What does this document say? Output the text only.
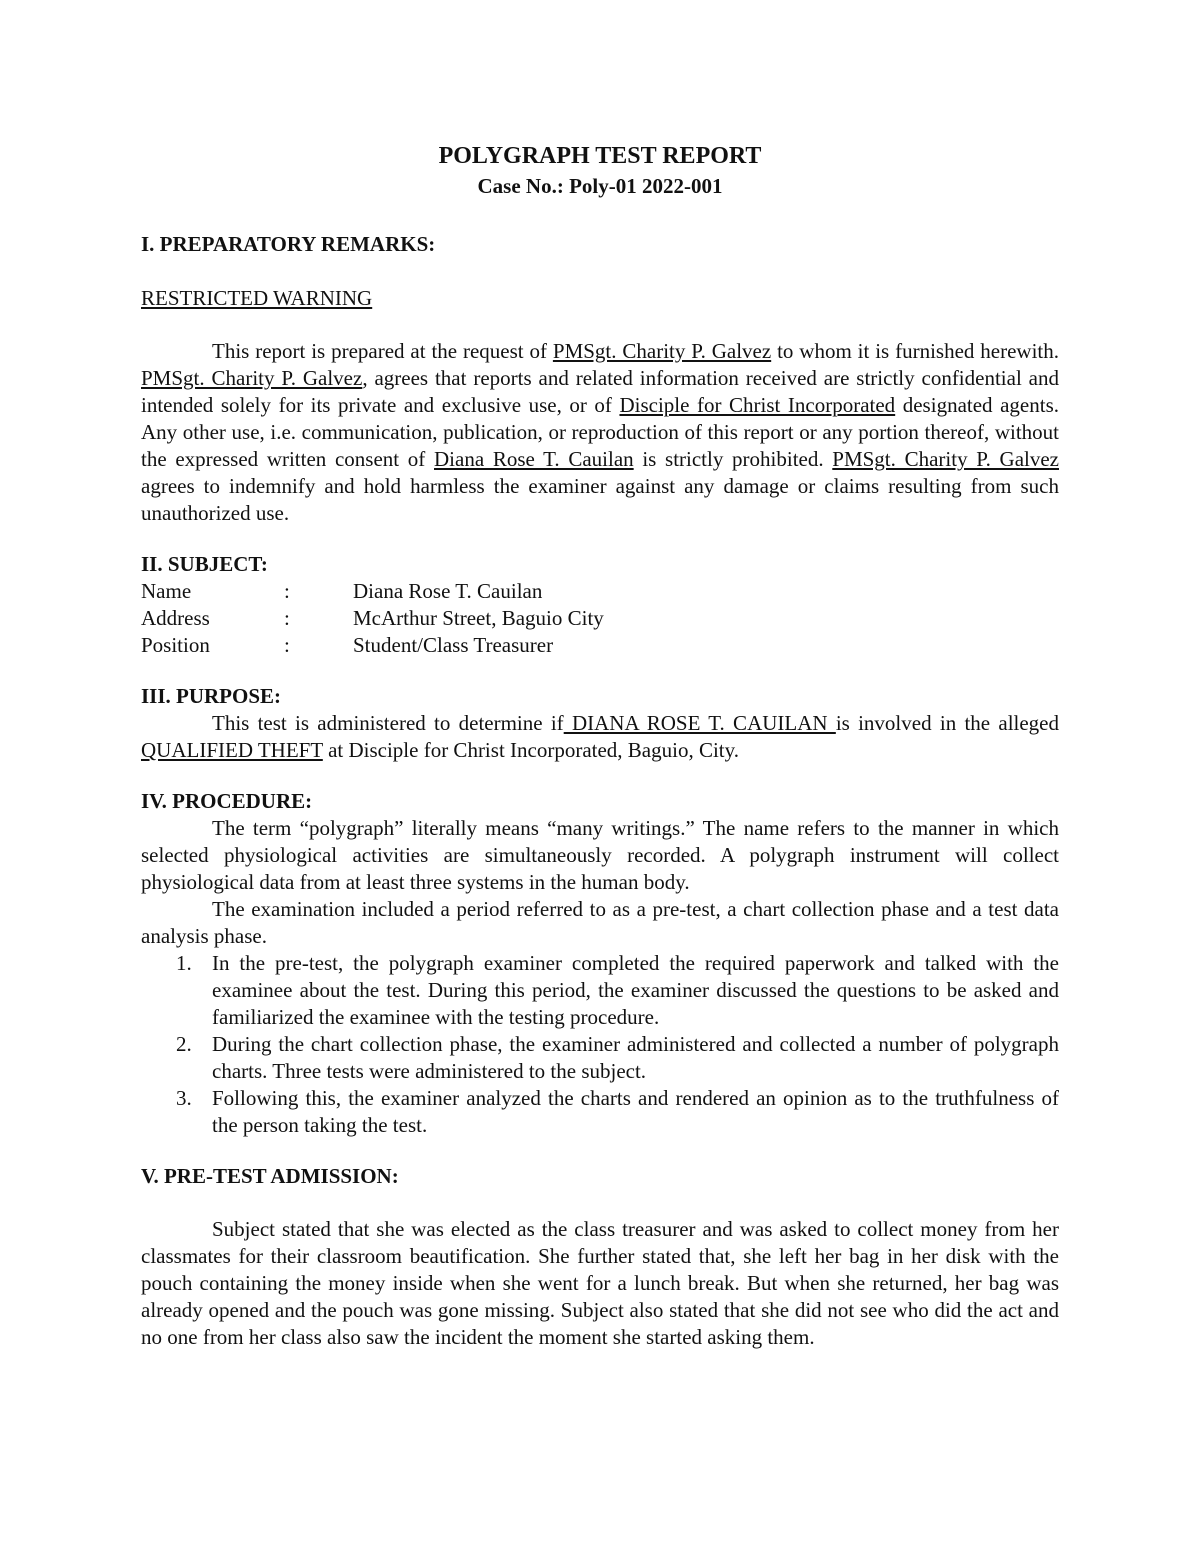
POLYGRAPH TEST REPORT

Case No.: Poly-01 2022-001

I. PREPARATORY REMARKS:

RESTRICTED WARNING

This report is prepared at the request of PMSgt. Charity P. Galvez to whom it is furnished herewith. PMSgt. Charity P. Galvez, agrees that reports and related information received are strictly confidential and intended solely for its private and exclusive use, or of Disciple for Christ Incorporated designated agents. Any other use, i.e. communication, publication, or reproduction of this report or any portion thereof, without the expressed written consent of Diana Rose T. Cauilan is strictly prohibited. PMSgt. Charity P. Galvez agrees to indemnify and hold harmless the examiner against any damage or claims resulting from such unauthorized use.

II. SUBJECT:

Name	:	Diana Rose T. Cauilan
Address	:	McArthur Street, Baguio City
Position	:	Student/Class Treasurer

III. PURPOSE:

This test is administered to determine if DIANA ROSE T. CAUILAN is involved in the alleged QUALIFIED THEFT at Disciple for Christ Incorporated, Baguio, City.

IV. PROCEDURE:

The term “polygraph” literally means “many writings.” The name refers to the manner in which selected physiological activities are simultaneously recorded. A polygraph instrument will collect physiological data from at least three systems in the human body.

The examination included a period referred to as a pre-test, a chart collection phase and a test data analysis phase.

1. In the pre-test, the polygraph examiner completed the required paperwork and talked with the examinee about the test. During this period, the examiner discussed the questions to be asked and familiarized the examinee with the testing procedure.
2. During the chart collection phase, the examiner administered and collected a number of polygraph charts. Three tests were administered to the subject.
3. Following this, the examiner analyzed the charts and rendered an opinion as to the truthfulness of the person taking the test.

V. PRE-TEST ADMISSION:

Subject stated that she was elected as the class treasurer and was asked to collect money from her classmates for their classroom beautification. She further stated that, she left her bag in her disk with the pouch containing the money inside when she went for a lunch break. But when she returned, her bag was already opened and the pouch was gone missing. Subject also stated that she did not see who did the act and no one from her class also saw the incident the moment she started asking them.
